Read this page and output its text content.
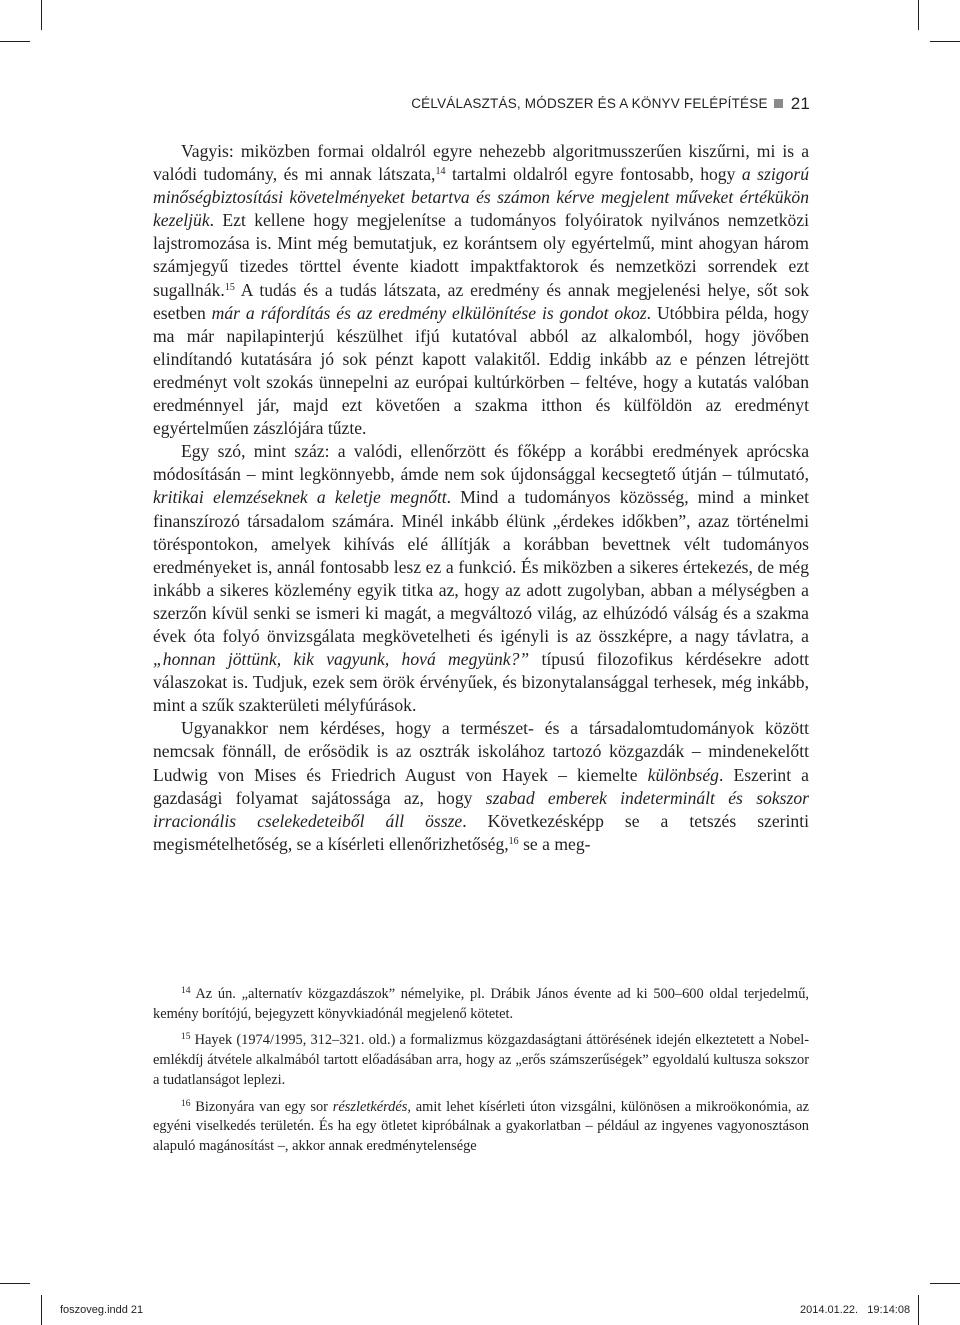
CÉLVÁLASZTÁS, MÓDSZER ÉS A KÖNYV FELÉPÍTÉSE 21

Vagyis: miközben formai oldalról egyre nehezebb algoritmusszerűen kiszűrni, mi is a valódi tudomány, és mi annak látszata,$^{14}$ tartalmi oldalról egyre fontosabb, hogy a szigorú minőségbiztosítási követelményeket betartva és számon kérve megjelent műveket értékükön kezeljük. Ezt kellene hogy megjelenítse a tudományos folyóiratok nyilvános nemzetközi lajstromozása is. Mint még bemutatjuk, ez korántsem oly egyértelmű, mint ahogyan három számjegyű tizedes törttel évente kiadott impaktfaktorok és nemzetközi sorrendek ezt sugallnák.$^{15}$ A tudás és a tudás látszata, az eredmény és annak megjelenési helye, sőt sok esetben már a ráfordítás és az eredmény elkülönítése is gondot okoz. Utóbbira példa, hogy ma már napilapinterjú készülhet ifjú kutatóval abból az alkalomból, hogy jövőben elindítandó kutatására jó sok pénzt kapott valakitől. Eddig inkább az e pénzen létrejött eredményt volt szokás ünnepelni az európai kultúrkörben – feltéve, hogy a kutatás valóban eredménnyel jár, majd ezt követően a szakma itthon és külföldön az eredményt egyértelműen zászlójára tűzte.

Egy szó, mint száz: a valódi, ellenőrzött és főképp a korábbi eredmények aprócska módosításán – mint legkönnyebb, ámde nem sok újdonsággal kecsegtető útján – túlmutató, kritikai elemzéseknek a keletje megnőtt. Mind a tudományos közösség, mind a minket finanszírozó társadalom számára. Minél inkább élünk „érdekes időkben”, azaz történelmi töréspontokon, amelyek kihívás elé állítják a korábban bevettnek vélt tudományos eredményeket is, annál fontosabb lesz ez a funkció. És miközben a sikeres értekezés, de még inkább a sikeres közlemény egyik titka az, hogy az adott zugolyban, abban a mélységben a szerzőn kívül senki se ismeri ki magát, a megváltozó világ, az elhúzódó válság és a szakma évek óta folyó önvizsgálata megkövetelheti és igényli is az összképre, a nagy távlatra, a „honnan jöttünk, kik vagyunk, hová megyünk?” típusú filozofikus kérdésekre adott válaszokat is. Tudjuk, ezek sem örök érvényűek, és bizonytalansággal terhesek, még inkább, mint a szűk szakterületi mélyfúrások.

Ugyanakkor nem kérdéses, hogy a természet- és a társadalomtudományok között nemcsak fönnáll, de erősödik is az osztrák iskolához tartozó közgazdák – mindenekelőtt Ludwig von Mises és Friedrich August von Hayek – kiemelte különbség. Eszerint a gazdasági folyamat sajátossága az, hogy szabad emberek indeterminált és sokszor irracionális cselekedeteiből áll össze. Következésképp se a tetszés szerinti megismételhetőség, se a kísérleti ellenőrizhetőség,$^{16}$ se a meg-

$^{14}$ Az ún. „alternatív közgazdászok” némelyike, pl. Drábik János évente ad ki 500–600 oldal terjedelmű, kemény borítójú, bejegyzett könyvkiadónál megjelenő kötetet.

$^{15}$ Hayek (1974/1995, 312–321. old.) a formalizmus közgazdaságtani áttörésének idején elkeztetett a Nobel-emlékdíj átvétele alkalmából tartott előadásában arra, hogy az „erős számszerűségek” egyoldalú kultusza sokszor a tudatlanságot leplezi.

$^{16}$ Bizonyára van egy sor részletkérdés, amit lehet kísérleti úton vizsgálni, különösen a mikroökonómia, az egyéni viselkedés területén. És ha egy ötletet kipróbálnak a gyakorlatban – például az ingyenes vagyonosztáson alapuló magánosítást –, akkor annak eredménytelensége

foszoveg.indd 21	2014.01.22.   19:14:08
